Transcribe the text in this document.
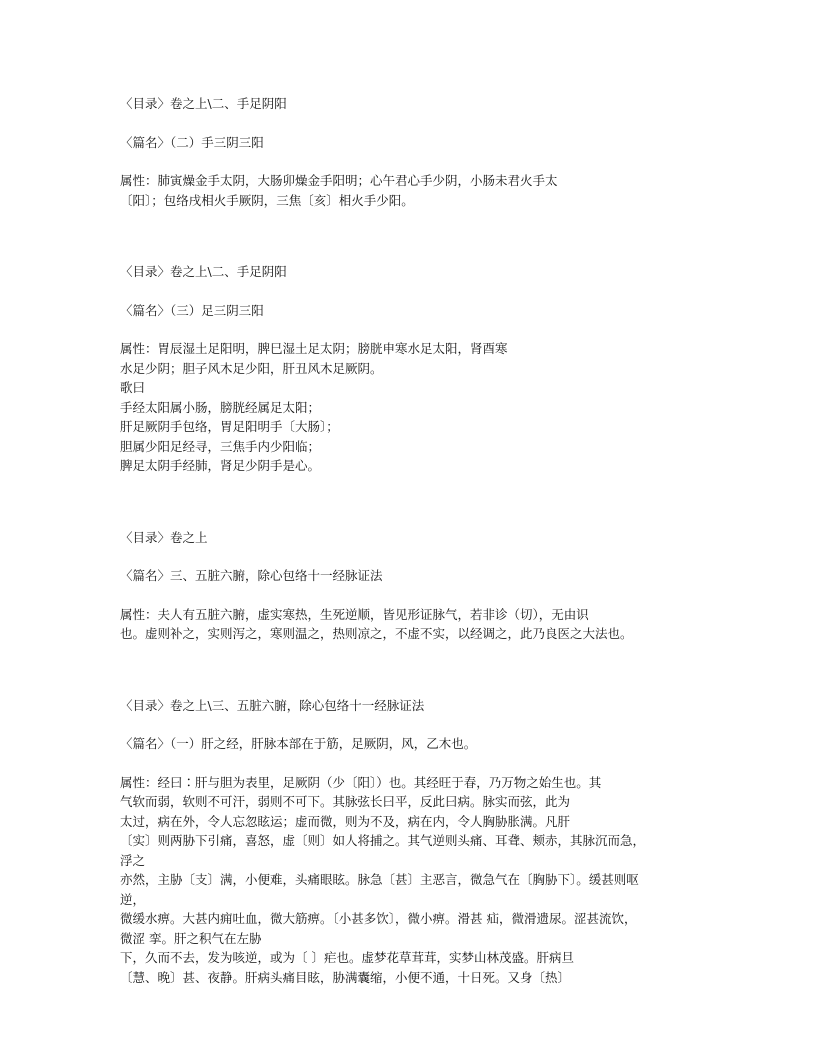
〈目录〉卷之上\二、手足阴阳
〈篇名〉（二）手三阴三阳
属性：肺寅燥金手太阴，大肠卯燥金手阳明；心午君心手少阴，小肠未君火手太
〔阳〕；包络戌相火手厥阴，三焦〔亥〕相火手少阳。
〈目录〉卷之上\二、手足阴阳
〈篇名〉（三）足三阴三阳
属性：胃辰湿土足阳明，脾巳湿土足太阴；膀胱申寒水足太阳，肾酉寒
水足少阴；胆子风木足少阳，肝丑风木足厥阴。
歌曰
手经太阳属小肠，膀胱经属足太阳；
肝足厥阴手包络，胃足阳明手〔大肠〕；
胆属少阳足经寻，三焦手内少阳临；
脾足太阴手经肺，肾足少阴手是心。
〈目录〉卷之上
〈篇名〉三、五脏六腑，除心包络十一经脉证法
属性：夫人有五脏六腑，虚实寒热，生死逆顺，皆见形证脉气，若非诊（切），无由识
也。虚则补之，实则泻之，寒则温之，热则凉之，不虚不实，以经调之，此乃良医之大法也。
〈目录〉卷之上\三、五脏六腑，除心包络十一经脉证法
〈篇名〉（一）肝之经，肝脉本部在于筋，足厥阴，风，乙木也。
属性：经曰∶肝与胆为表里，足厥阴（少〔阳〕）也。其经旺于春，乃万物之始生也。其
气软而弱，软则不可汗，弱则不可下。其脉弦长曰平，反此曰病。脉实而弦，此为
太过，病在外，令人忘忽眩运；虚而微，则为不及，病在内，令人胸胁胀满。凡肝
〔实〕则两胁下引痛，喜怒，虚〔则〕如人将捕之。其气逆则头痛、耳聋、颊赤，其脉沉而急，
浮之
亦然，主胁〔支〕满，小便难，头痛眼眩。脉急〔甚〕主恶言，微急气在〔胸胁下〕。缓甚则呕
逆，
微缓水痹。大甚内痈吐血，微大筋痹。〔小甚多饮〕，微小痹。滑甚 疝，微滑遗尿。涩甚流饮，
微涩 挛。肝之积气在左胁
下，久而不去，发为咳逆，或为〔 〕疟也。虚梦花草茸茸，实梦山林茂盛。肝病旦
〔慧、晚〕甚、夜静。肝病头痛目眩，胁满囊缩，小便不通，十日死。又身〔热〕
